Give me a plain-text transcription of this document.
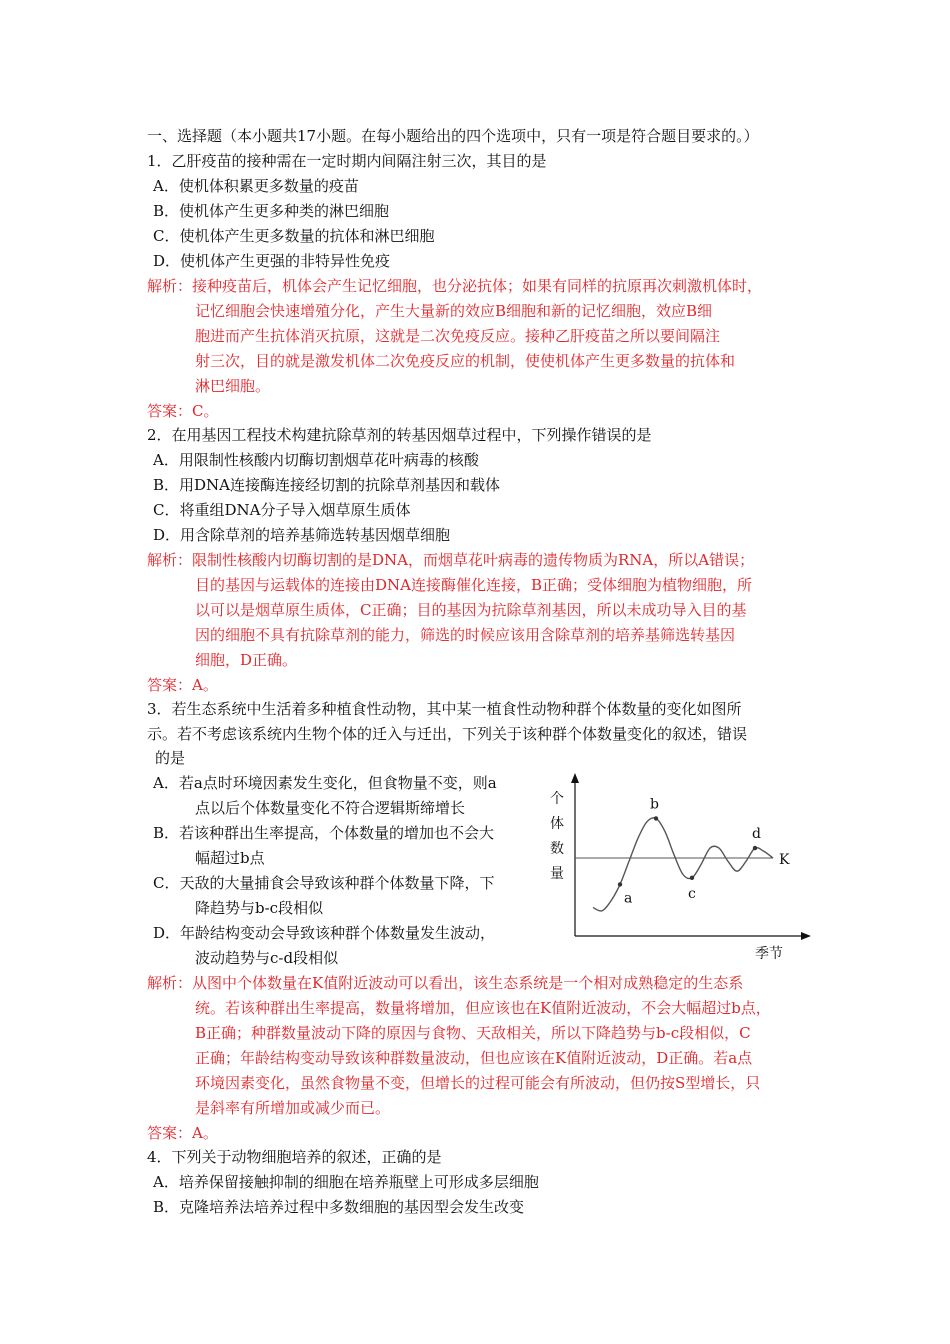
一、选择题（本小题共17小题。在每小题给出的四个选项中，只有一项是符合题目要求的。）
1．乙肝疫苗的接种需在一定时期内间隔注射三次，其目的是
A．使机体积累更多数量的疫苗
B．使机体产生更多种类的淋巴细胞
C．使机体产生更多数量的抗体和淋巴细胞
D．使机体产生更强的非特异性免疫
解析：接种疫苗后，机体会产生记忆细胞，也分泌抗体；如果有同样的抗原再次刺激机体时，
记忆细胞会快速增殖分化，产生大量新的效应B细胞和新的记忆细胞，效应B细
胞进而产生抗体消灭抗原，这就是二次免疫反应。接种乙肝疫苗之所以要间隔注
射三次，目的就是激发机体二次免疫反应的机制，使使机体产生更多数量的抗体和
淋巴细胞。
答案：C。
2．在用基因工程技术构建抗除草剂的转基因烟草过程中，下列操作错误的是
A．用限制性核酸内切酶切割烟草花叶病毒的核酸
B．用DNA连接酶连接经切割的抗除草剂基因和载体
C．将重组DNA分子导入烟草原生质体
D．用含除草剂的培养基筛选转基因烟草细胞
解析：限制性核酸内切酶切割的是DNA，而烟草花叶病毒的遗传物质为RNA，所以A错误；
目的基因与运载体的连接由DNA连接酶催化连接，B正确；受体细胞为植物细胞，所
以可以是烟草原生质体，C正确；目的基因为抗除草剂基因，所以未成功导入目的基
因的细胞不具有抗除草剂的能力，筛选的时候应该用含除草剂的培养基筛选转基因
细胞，D正确。
答案：A。
3．若生态系统中生活着多种植食性动物，其中某一植食性动物种群个体数量的变化如图所
示。若不考虑该系统内生物个体的迁入与迁出，下列关于该种群个体数量变化的叙述，错误
的是
A．若a点时环境因素发生变化，但食物量不变，则a
点以后个体数量变化不符合逻辑斯缔增长
B．若该种群出生率提高，个体数量的增加也不会大
幅超过b点
C．天敌的大量捕食会导致该种群个体数量下降，下
降趋势与b-c段相似
D．年龄结构变动会导致该种群个体数量发生波动，
波动趋势与c-d段相似
个
体
数
量
季节
K
a
b
c
d
解析：从图中个体数量在K值附近波动可以看出，该生态系统是一个相对成熟稳定的生态系
统。若该种群出生率提高，数量将增加，但应该也在K值附近波动，不会大幅超过b点，
B正确；种群数量波动下降的原因与食物、天敌相关，所以下降趋势与b-c段相似，C
正确；年龄结构变动导致该种群数量波动，但也应该在K值附近波动，D正确。若a点
环境因素变化，虽然食物量不变，但增长的过程可能会有所波动，但仍按S型增长，只
是斜率有所增加或减少而已。
答案：A。
4．下列关于动物细胞培养的叙述，正确的是
A．培养保留接触抑制的细胞在培养瓶壁上可形成多层细胞
B．克隆培养法培养过程中多数细胞的基因型会发生改变
